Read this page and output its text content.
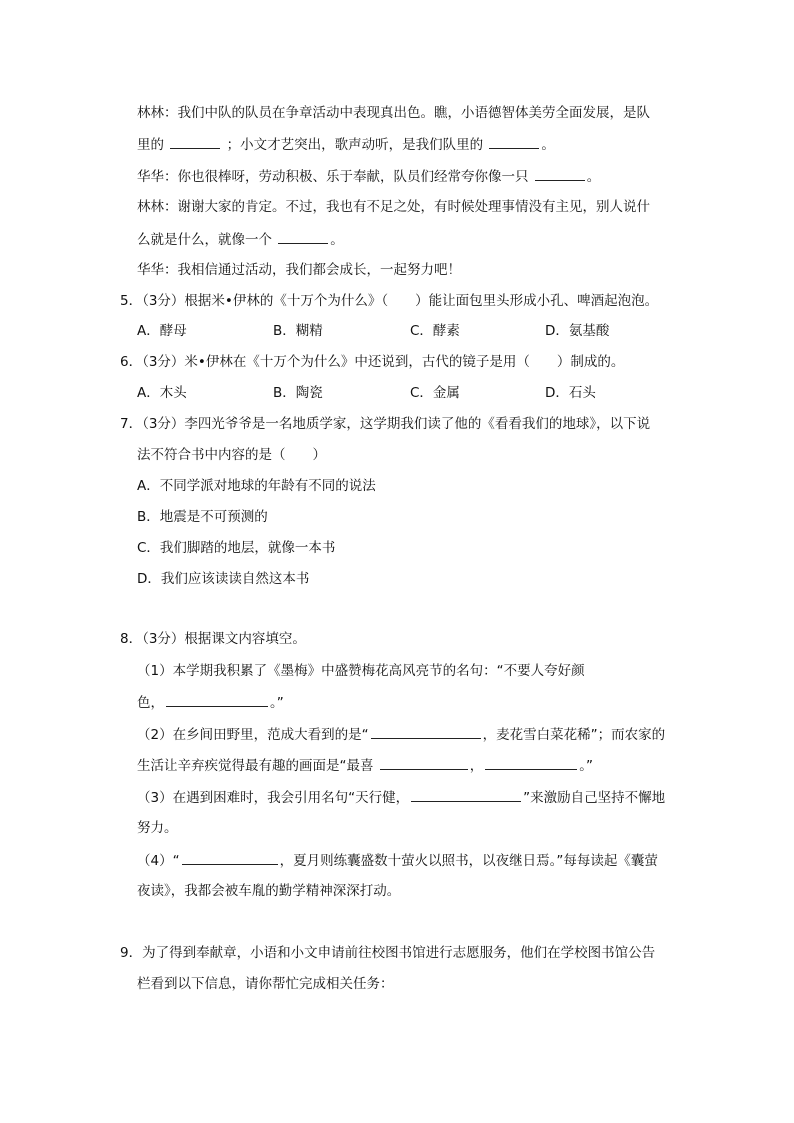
林林：我们中队的队员在争章活动中表现真出色。瞧，小语德智体美劳全面发展，是队
里的	；小文才艺突出，歌声动听，是我们队里的	。
华华：你也很棒呀，劳动积极、乐于奉献，队员们经常夸你像一只	。
林林：谢谢大家的肯定。不过，我也有不足之处，有时候处理事情没有主见，别人说什
么就是什么，就像一个	。
华华：我相信通过活动，我们都会成长，一起努力吧！
5．（3分）根据米•伊林的《十万个为什么》（　　）能让面包里头形成小孔、啤酒起泡泡。
A．酵母	B．糊精	C．酵素	D．氨基酸
6．（3分）米•伊林在《十万个为什么》中还说到，古代的镜子是用（　　）制成的。
A．木头	B．陶瓷	C．金属	D．石头
7．（3分）李四光爷爷是一名地质学家，这学期我们读了他的《看看我们的地球》，以下说
法不符合书中内容的是（　　）
A．不同学派对地球的年龄有不同的说法
B．地震是不可预测的
C．我们脚踏的地层，就像一本书
D．我们应该读读自然这本书
8．（3分）根据课文内容填空。
（1）本学期我积累了《墨梅》中盛赞梅花高风亮节的名句：“不要人夸好颜
色，	。”
（2）在乡间田野里，范成大看到的是“	，麦花雪白菜花稀”；而农家的
生活让辛弃疾觉得最有趣的画面是“最喜	，	。”
（3）在遇到困难时，我会引用名句“天行健，	”来激励自己坚持不懈地
努力。
（4）“	，夏月则练囊盛数十萤火以照书，以夜继日焉。”每每读起《囊萤
夜读》，我都会被车胤的勤学精神深深打动。
9．为了得到奉献章，小语和小文申请前往校图书馆进行志愿服务，他们在学校图书馆公告
栏看到以下信息，请你帮忙完成相关任务：
